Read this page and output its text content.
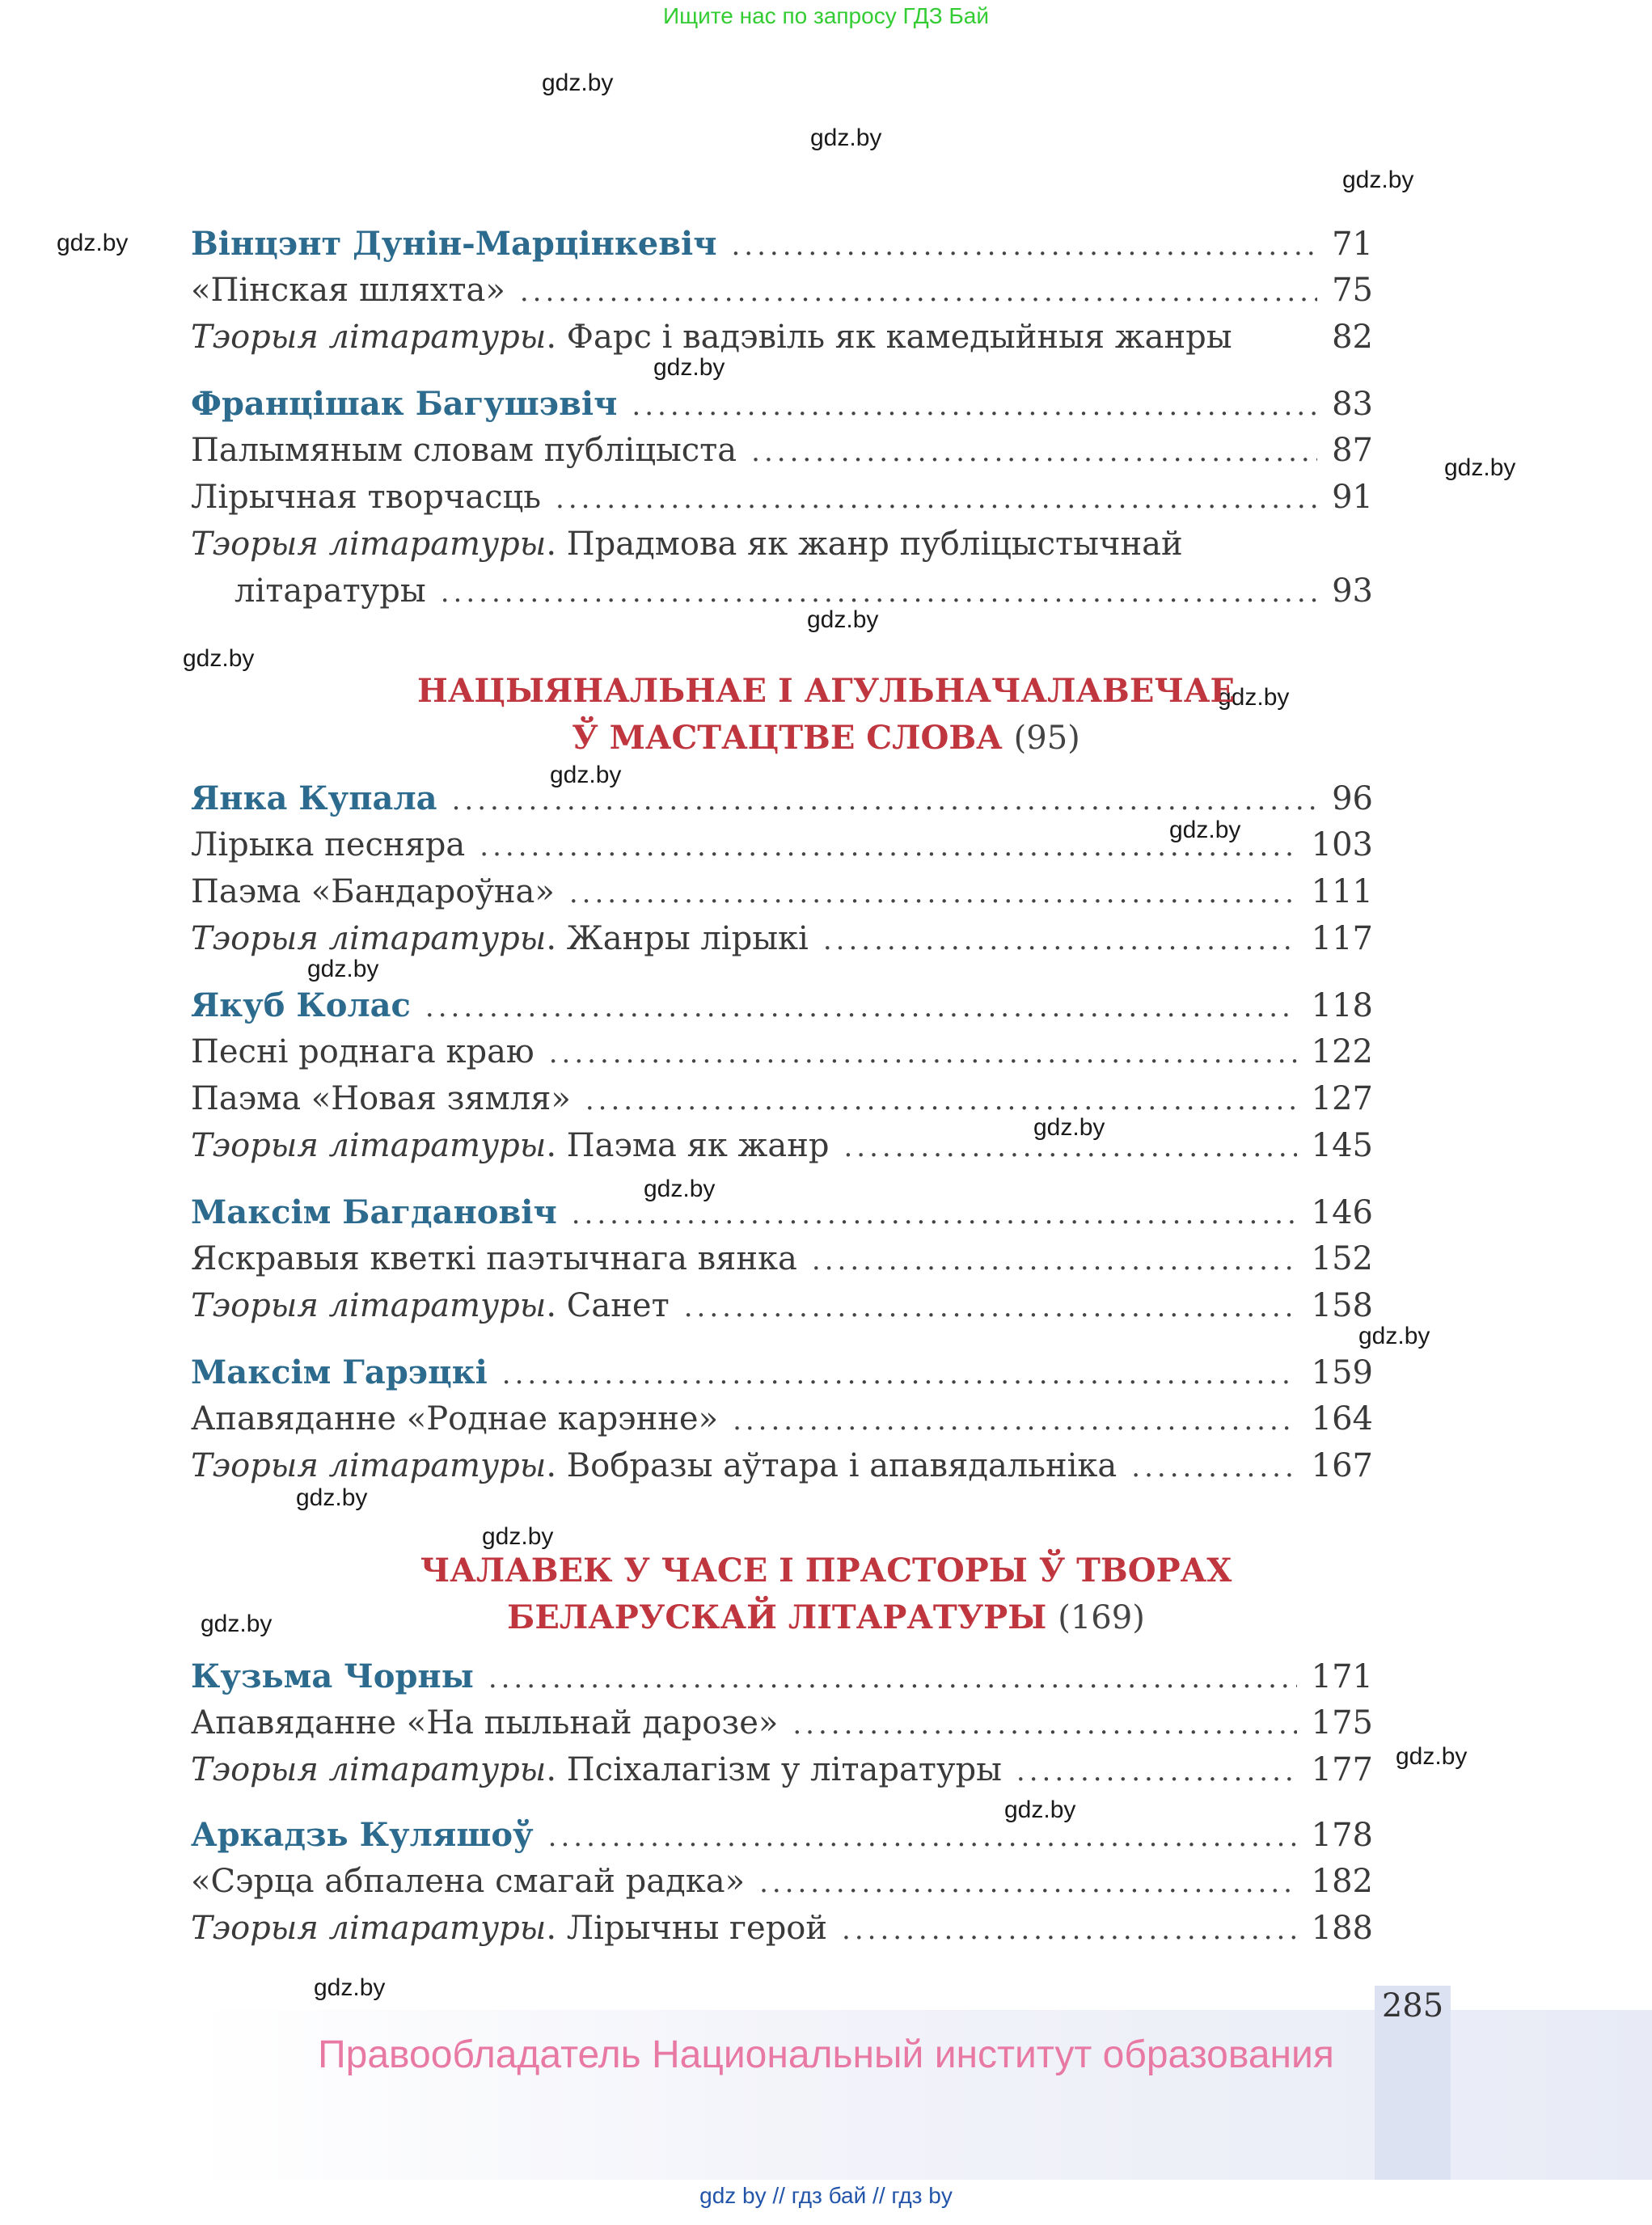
Ищите нас по запросу ГДЗ Бай
gdz.by
gdz.by
gdz.by
gdz.by
gdz.by
gdz.by
gdz.by
gdz.by
gdz.by
gdz.by
gdz.by
gdz.by
gdz.by
gdz.by
gdz.by
gdz.by
gdz.by
gdz.by
gdz.by
gdz.by
gdz.by
Вінцэнт Дунін-Марцінкевіч .....	71
«Пінская шляхта» .....	75
Тэорыя літаратуры. Фарс і вадэвіль як камедыйныя жанры	82
Францішак Багушэвіч .....	83
Палымяным словам публіцыста .....	87
Лірычная творчасць .....	91
Тэорыя літаратуры. Прадмова як жанр публіцыстычнай
літаратуры .....	93
НАЦЫЯНАЛЬНАЕ І АГУЛЬНАЧАЛАВЕЧАЕ
Ў МАСТАЦТВЕ СЛОВА (95)
Янка Купала .....	96
Лірыка песняра .....	103
Паэма «Бандароўна» .....	111
Тэорыя літаратуры. Жанры лірыкі .....	117
Якуб Колас .....	118
Песні роднага краю .....	122
Паэма «Новая зямля» .....	127
Тэорыя літаратуры. Паэма як жанр .....	145
Максім Багдановіч .....	146
Яскравыя кветкі паэтычнага вянка .....	152
Тэорыя літаратуры. Санет .....	158
Максім Гарэцкі .....	159
Апавяданне «Роднае карэнне» .....	164
Тэорыя літаратуры. Вобразы аўтара і апавядальніка .....	167
ЧАЛАВЕК У ЧАСЕ І ПРАСТОРЫ Ў ТВОРАХ
БЕЛАРУСКАЙ ЛІТАРАТУРЫ (169)
Кузьма Чорны .....	171
Апавяданне «На пыльнай дарозе» .....	175
Тэорыя літаратуры. Псіхалагізм у літаратуры .....	177
Аркадзь Куляшоў .....	178
«Сэрца абпалена смагай радка» .....	182
Тэорыя літаратуры. Лірычны герой .....	188
285
Правообладатель Национальный институт образования
gdz by // гдз бай // гдз by
